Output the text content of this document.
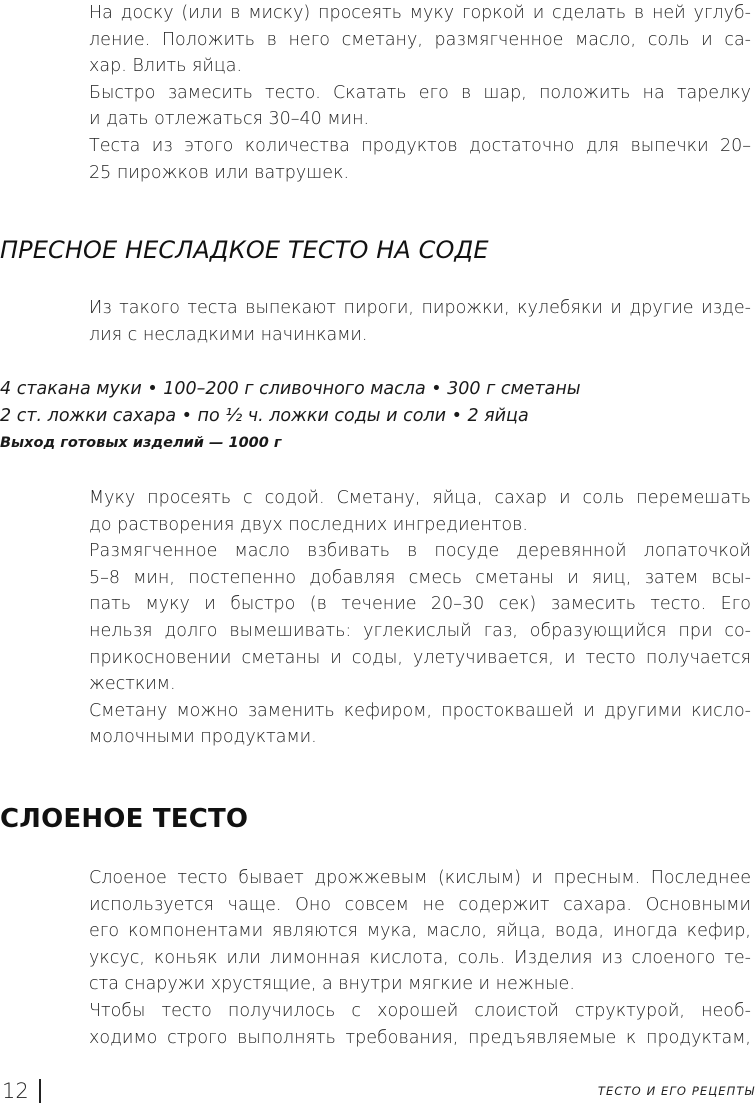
На доску (или в миску) просеять муку горкой и сделать в ней углуб-
ление. Положить в него сметану, размягченное масло, соль и са-
хар. Влить яйца.
Быстро замесить тесто. Скатать его в шар, положить на тарелку
и дать отлежаться 30–40 мин.
Теста из этого количества продуктов достаточно для выпечки 20–
25 пирожков или ватрушек.
ПРЕСНОЕ НЕСЛАДКОЕ ТЕСТО НА СОДЕ
Из такого теста выпекают пироги, пирожки, кулебяки и другие изде-
лия с несладкими начинками.
4 стакана муки • 100–200 г сливочного масла • 300 г сметаны
2 ст. ложки сахара • по ½ ч. ложки соды и соли • 2 яйца
Выход готовых изделий — 1000 г
Муку просеять с содой. Сметану, яйца, сахар и соль перемешать
до растворения двух последних ингредиентов.
Размягченное масло взбивать в посуде деревянной лопаточкой
5–8 мин, постепенно добавляя смесь сметаны и яиц, затем всы-
пать муку и быстро (в течение 20–30 сек) замесить тесто. Его
нельзя долго вымешивать: углекислый газ, образующийся при со-
прикосновении сметаны и соды, улетучивается, и тесто получается
жестким.
Сметану можно заменить кефиром, простоквашей и другими кисло-
молочными продуктами.
СЛОЕНОЕ ТЕСТО
Слоеное тесто бывает дрожжевым (кислым) и пресным. Последнее
используется чаще. Оно совсем не содержит сахара. Основными
его компонентами являются мука, масло, яйца, вода, иногда кефир,
уксус, коньяк или лимонная кислота, соль. Изделия из слоеного те-
ста снаружи хрустящие, а внутри мягкие и нежные.
Чтобы тесто получилось с хорошей слоистой структурой, необ-
ходимо строго выполнять требования, предъявляемые к продуктам,
12	ТЕСТО И ЕГО РЕЦЕПТЫ
